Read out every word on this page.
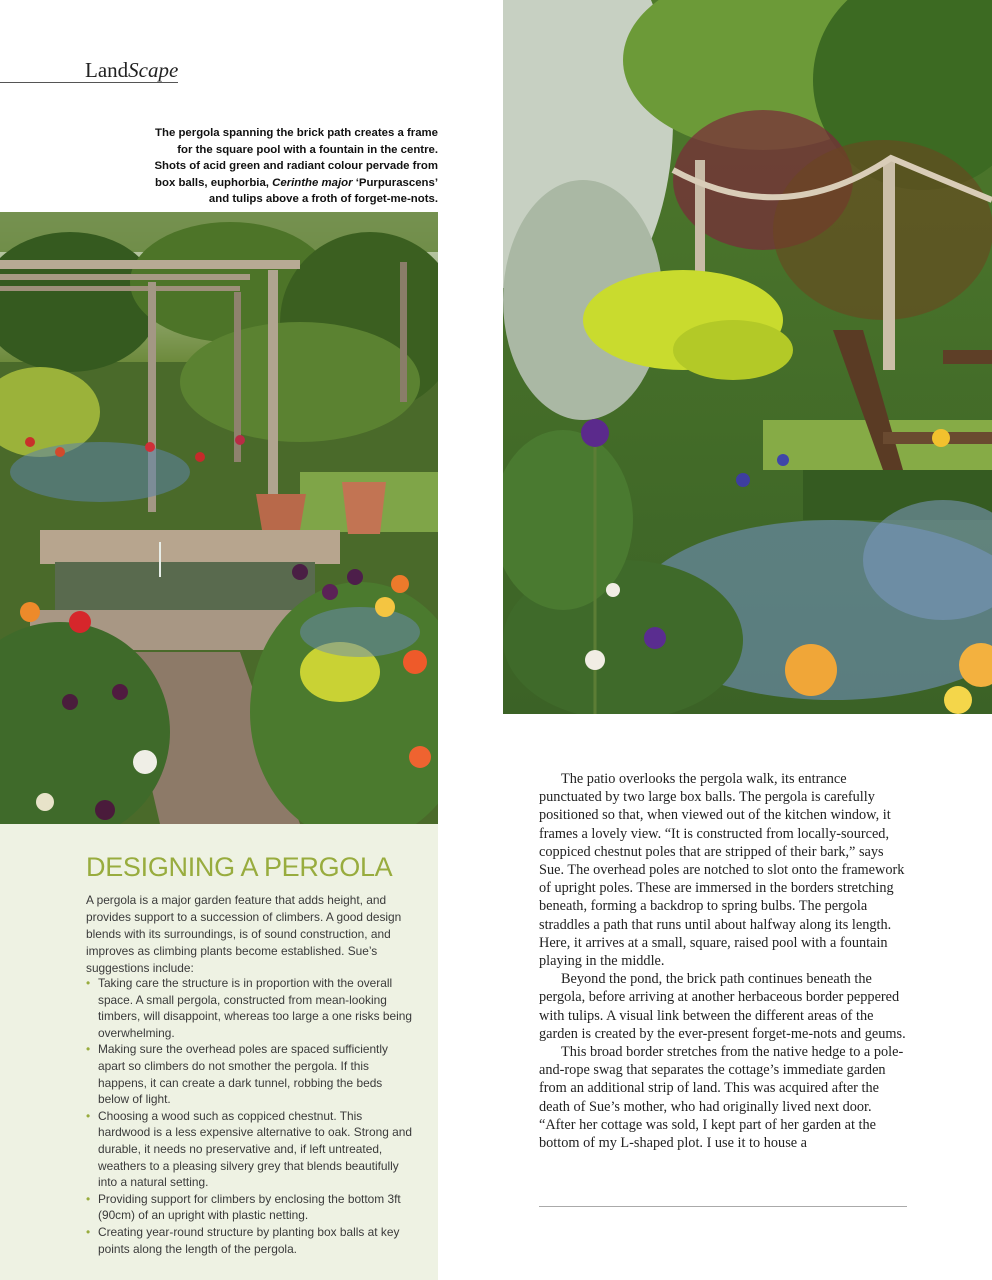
LandScape
The pergola spanning the brick path creates a frame
for the square pool with a fountain in the centre.
Shots of acid green and radiant colour pervade from
box balls, euphorbia, Cerinthe major ‘Purpurascens’
and tulips above a froth of forget-me-nots.
DESIGNING A PERGOLA

A pergola is a major garden feature that adds height, and provides support to a succession of climbers. A good design blends with its surroundings, is of sound construction, and improves as climbing plants become established. Sue’s suggestions include:

• Taking care the structure is in proportion with the overall space. A small pergola, constructed from mean-looking timbers, will disappoint, whereas too large a one risks being overwhelming.
• Making sure the overhead poles are spaced sufficiently apart so climbers do not smother the pergola. If this happens, it can create a dark tunnel, robbing the beds below of light.
• Choosing a wood such as coppiced chestnut. This hardwood is a less expensive alternative to oak. Strong and durable, it needs no preservative and, if left untreated, weathers to a pleasing silvery grey that blends beautifully into a natural setting.
• Providing support for climbers by enclosing the bottom 3ft (90cm) of an upright with plastic netting.
• Creating year-round structure by planting box balls at key points along the length of the pergola.

The patio overlooks the pergola walk, its entrance punctuated by two large box balls. The pergola is carefully positioned so that, when viewed out of the kitchen window, it frames a lovely view. “It is constructed from locally-sourced, coppiced chestnut poles that are stripped of their bark,” says Sue. The overhead poles are notched to slot onto the framework of upright poles. These are immersed in the borders stretching beneath, forming a backdrop to spring bulbs. The pergola straddles a path that runs until about halfway along its length. Here, it arrives at a small, square, raised pool with a fountain playing in the middle.

Beyond the pond, the brick path continues beneath the pergola, before arriving at another herbaceous border peppered with tulips. A visual link between the different areas of the garden is created by the ever-present forget-me-nots and geums.

This broad border stretches from the native hedge to a pole-and-rope swag that separates the cottage’s immediate garden from an additional strip of land. This was acquired after the death of Sue’s mother, who had originally lived next door. “After her cottage was sold, I kept part of her garden at the bottom of my L-shaped plot. I use it to house a
